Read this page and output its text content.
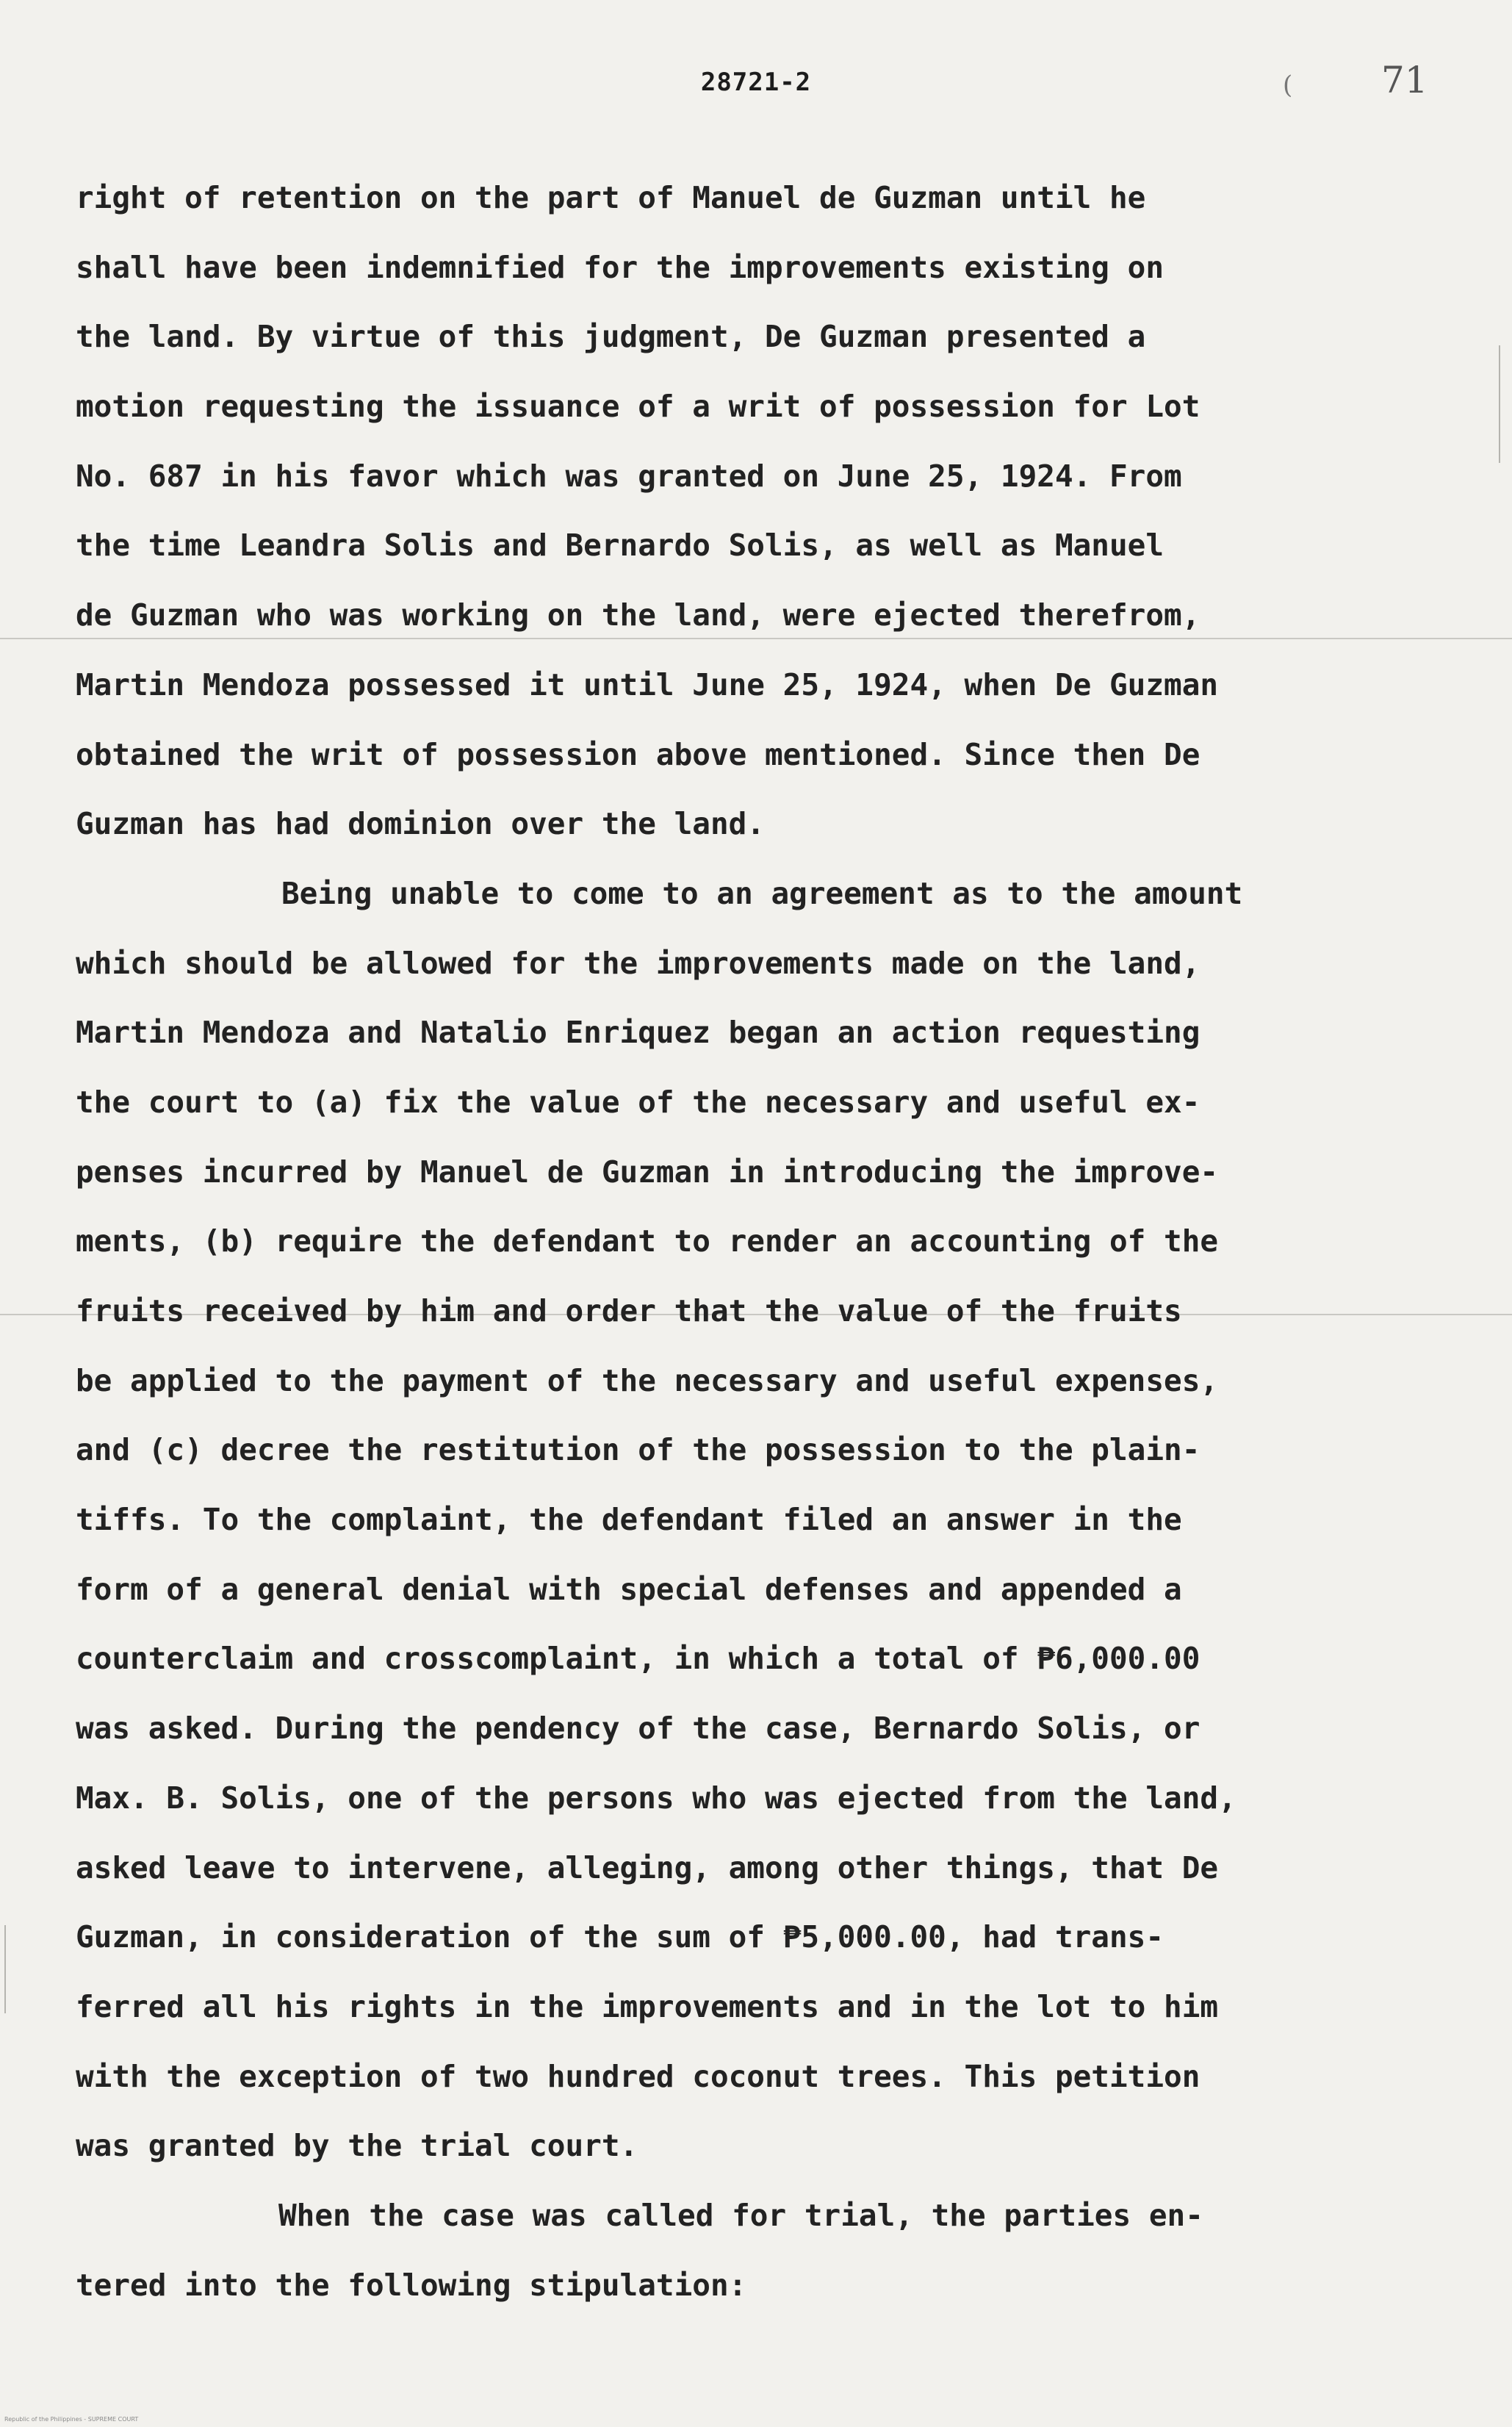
28721-2	( 71
right of retention on the part of Manuel de Guzman until he
shall have been indemnified for the improvements existing on
the land. By virtue of this judgment, De Guzman presented a
motion requesting the issuance of a writ of possession for Lot
No. 687 in his favor which was granted on June 25, 1924. From
the time Leandra Solis and Bernardo Solis, as well as Manuel
de Guzman who was working on the land, were ejected therefrom,
Martin Mendoza possessed it until June 25, 1924, when De Guzman
obtained the writ of possession above mentioned. Since then De
Guzman has had dominion over the land.
Being unable to come to an agreement as to the amount
which should be allowed for the improvements made on the land,
Martin Mendoza and Natalio Enriquez began an action requesting
the court to (a) fix the value of the necessary and useful ex-
penses incurred by Manuel de Guzman in introducing the improve-
ments, (b) require the defendant to render an accounting of the
fruits received by him and order that the value of the fruits
be applied to the payment of the necessary and useful expenses,
and (c) decree the restitution of the possession to the plain-
tiffs. To the complaint, the defendant filed an answer in the
form of a general denial with special defenses and appended a
counterclaim and crosscomplaint, in which a total of ₱6,000.00
was asked. During the pendency of the case, Bernardo Solis, or
Max. B. Solis, one of the persons who was ejected from the land,
asked leave to intervene, alleging, among other things, that De
Guzman, in consideration of the sum of ₱5,000.00, had trans-
ferred all his rights in the improvements and in the lot to him
with the exception of two hundred coconut trees. This petition
was granted by the trial court.
When the case was called for trial, the parties en-
tered into the following stipulation:
Republic of the Philippines - SUPREME COURT
